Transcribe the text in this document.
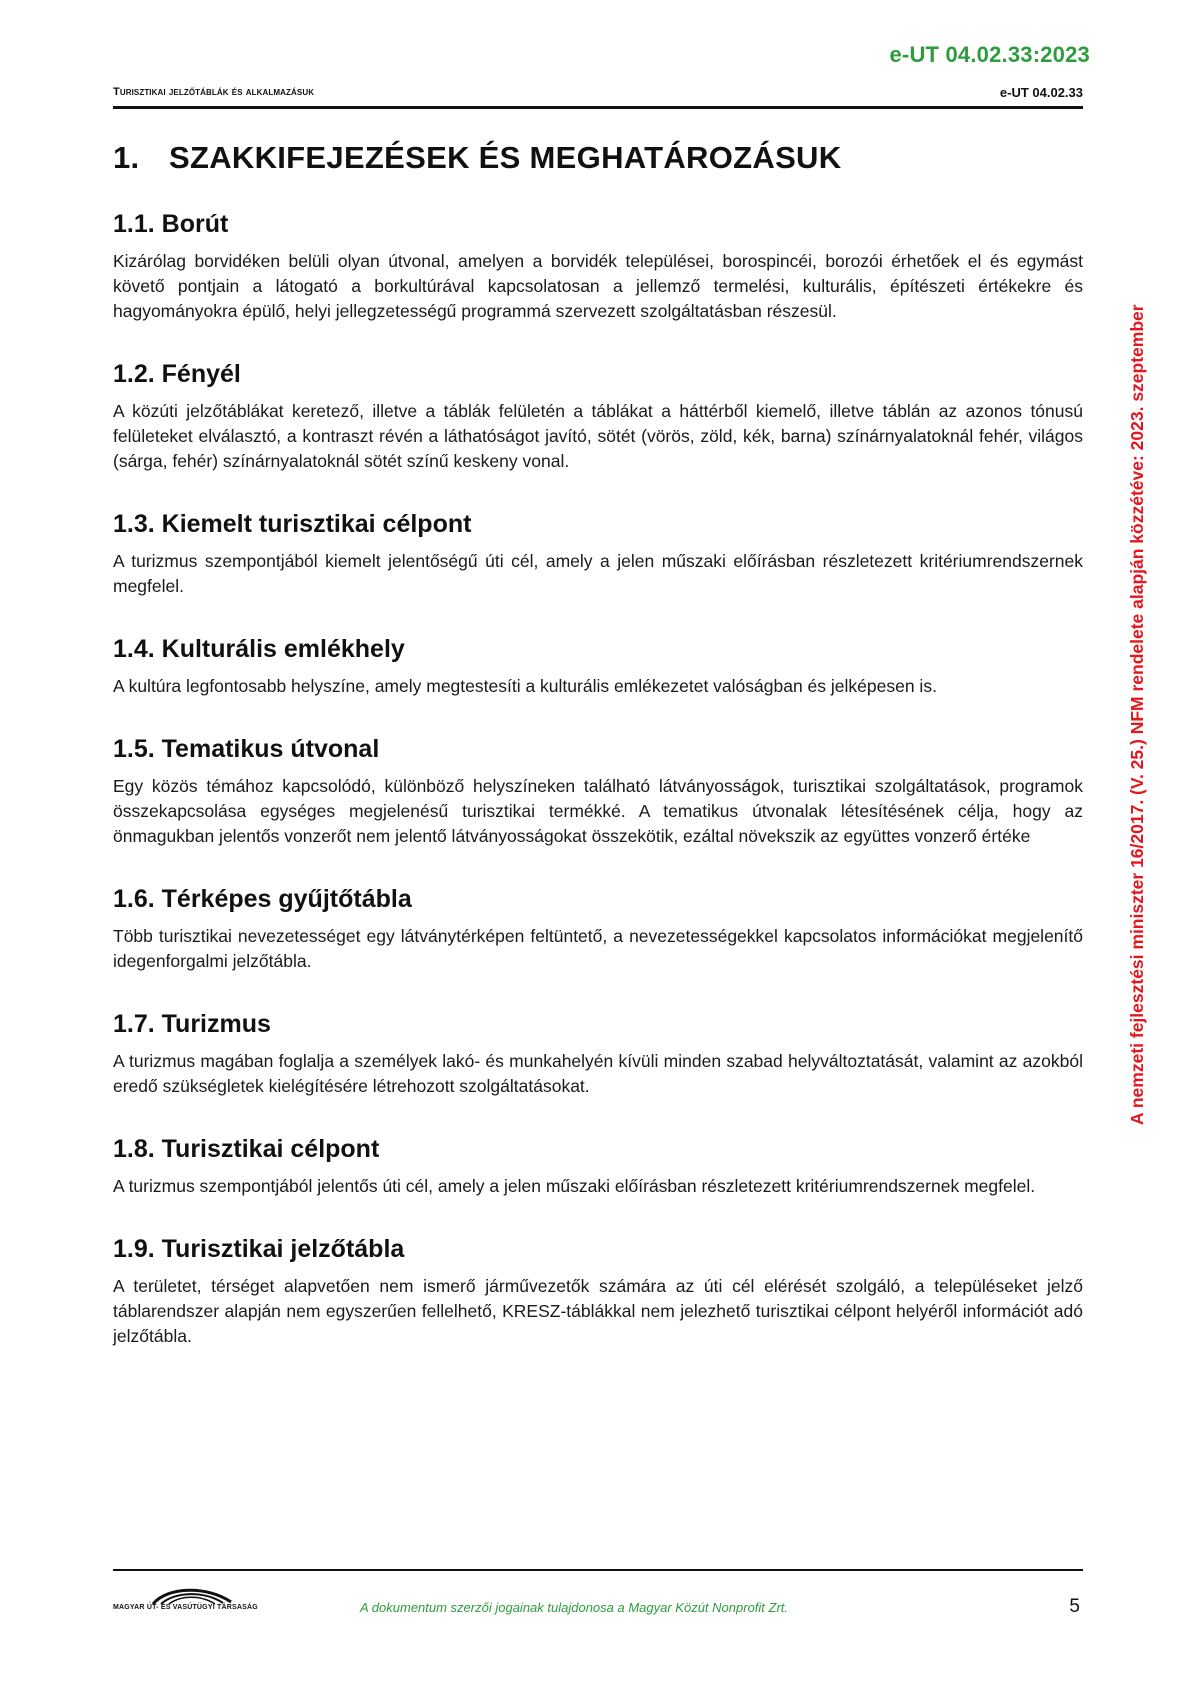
e-UT 04.02.33:2023
Turisztikai jelzőtáblák és alkalmazásuk	e-UT 04.02.33
1. SZAKKIFEJEZÉSEK ÉS MEGHATÁROZÁSUK
1.1. Borút

Kizárólag borvidéken belüli olyan útvonal, amelyen a borvidék települései, borospincéi, borozói érhetőek el és egymást követő pontjain a látogató a borkultúrával kapcsolatosan a jellemző termelési, kulturális, építészeti értékekre és hagyományokra épülő, helyi jellegzetességű programmá szervezett szolgáltatásban részesül.

1.2. Fényél

A közúti jelzőtáblákat keretező, illetve a táblák felületén a táblákat a háttérből kiemelő, illetve táblán az azonos tónusú felületeket elválasztó, a kontraszt révén a láthatóságot javító, sötét (vörös, zöld, kék, barna) színárnyalatoknál fehér, világos (sárga, fehér) színárnyalatoknál sötét színű keskeny vonal.

1.3. Kiemelt turisztikai célpont

A turizmus szempontjából kiemelt jelentőségű úti cél, amely a jelen műszaki előírásban részletezett kritériumrendszernek megfelel.

1.4. Kulturális emlékhely

A kultúra legfontosabb helyszíne, amely megtestesíti a kulturális emlékezetet valóságban és jelképesen is.

1.5. Tematikus útvonal

Egy közös témához kapcsolódó, különböző helyszíneken található látványosságok, turisztikai szolgáltatások, programok összekapcsolása egységes megjelenésű turisztikai termékké. A tematikus útvonalak létesítésének célja, hogy az önmagukban jelentős vonzerőt nem jelentő látványosságokat összekötik, ezáltal növekszik az együttes vonzerő értéke

1.6. Térképes gyűjtőtábla

Több turisztikai nevezetességet egy látványtérképen feltüntető, a nevezetességekkel kapcsolatos információkat megjelenítő idegenforgalmi jelzőtábla.

1.7. Turizmus

A turizmus magában foglalja a személyek lakó- és munkahelyén kívüli minden szabad helyváltoztatását, valamint az azokból eredő szükségletek kielégítésére létrehozott szolgáltatásokat.

1.8. Turisztikai célpont

A turizmus szempontjából jelentős úti cél, amely a jelen műszaki előírásban részletezett kritériumrendszernek megfelel.

1.9. Turisztikai jelzőtábla

A területet, térséget alapvetően nem ismerő járművezetők számára az úti cél elérését szolgáló, a településeket jelző táblarendszer alapján nem egyszerűen fellelhető, KRESZ-táblákkal nem jelezhető turisztikai célpont helyéről információt adó jelzőtábla.

A nemzeti fejlesztési miniszter 16/2017. (V. 25.) NFM rendelete alapján közzétéve: 2023. szeptember
MAGYAR ÚT- ÉS VASÚTÜGYI TÁRSASÁG	A dokumentum szerzői jogainak tulajdonosa a Magyar Közút Nonprofit Zrt.	5
